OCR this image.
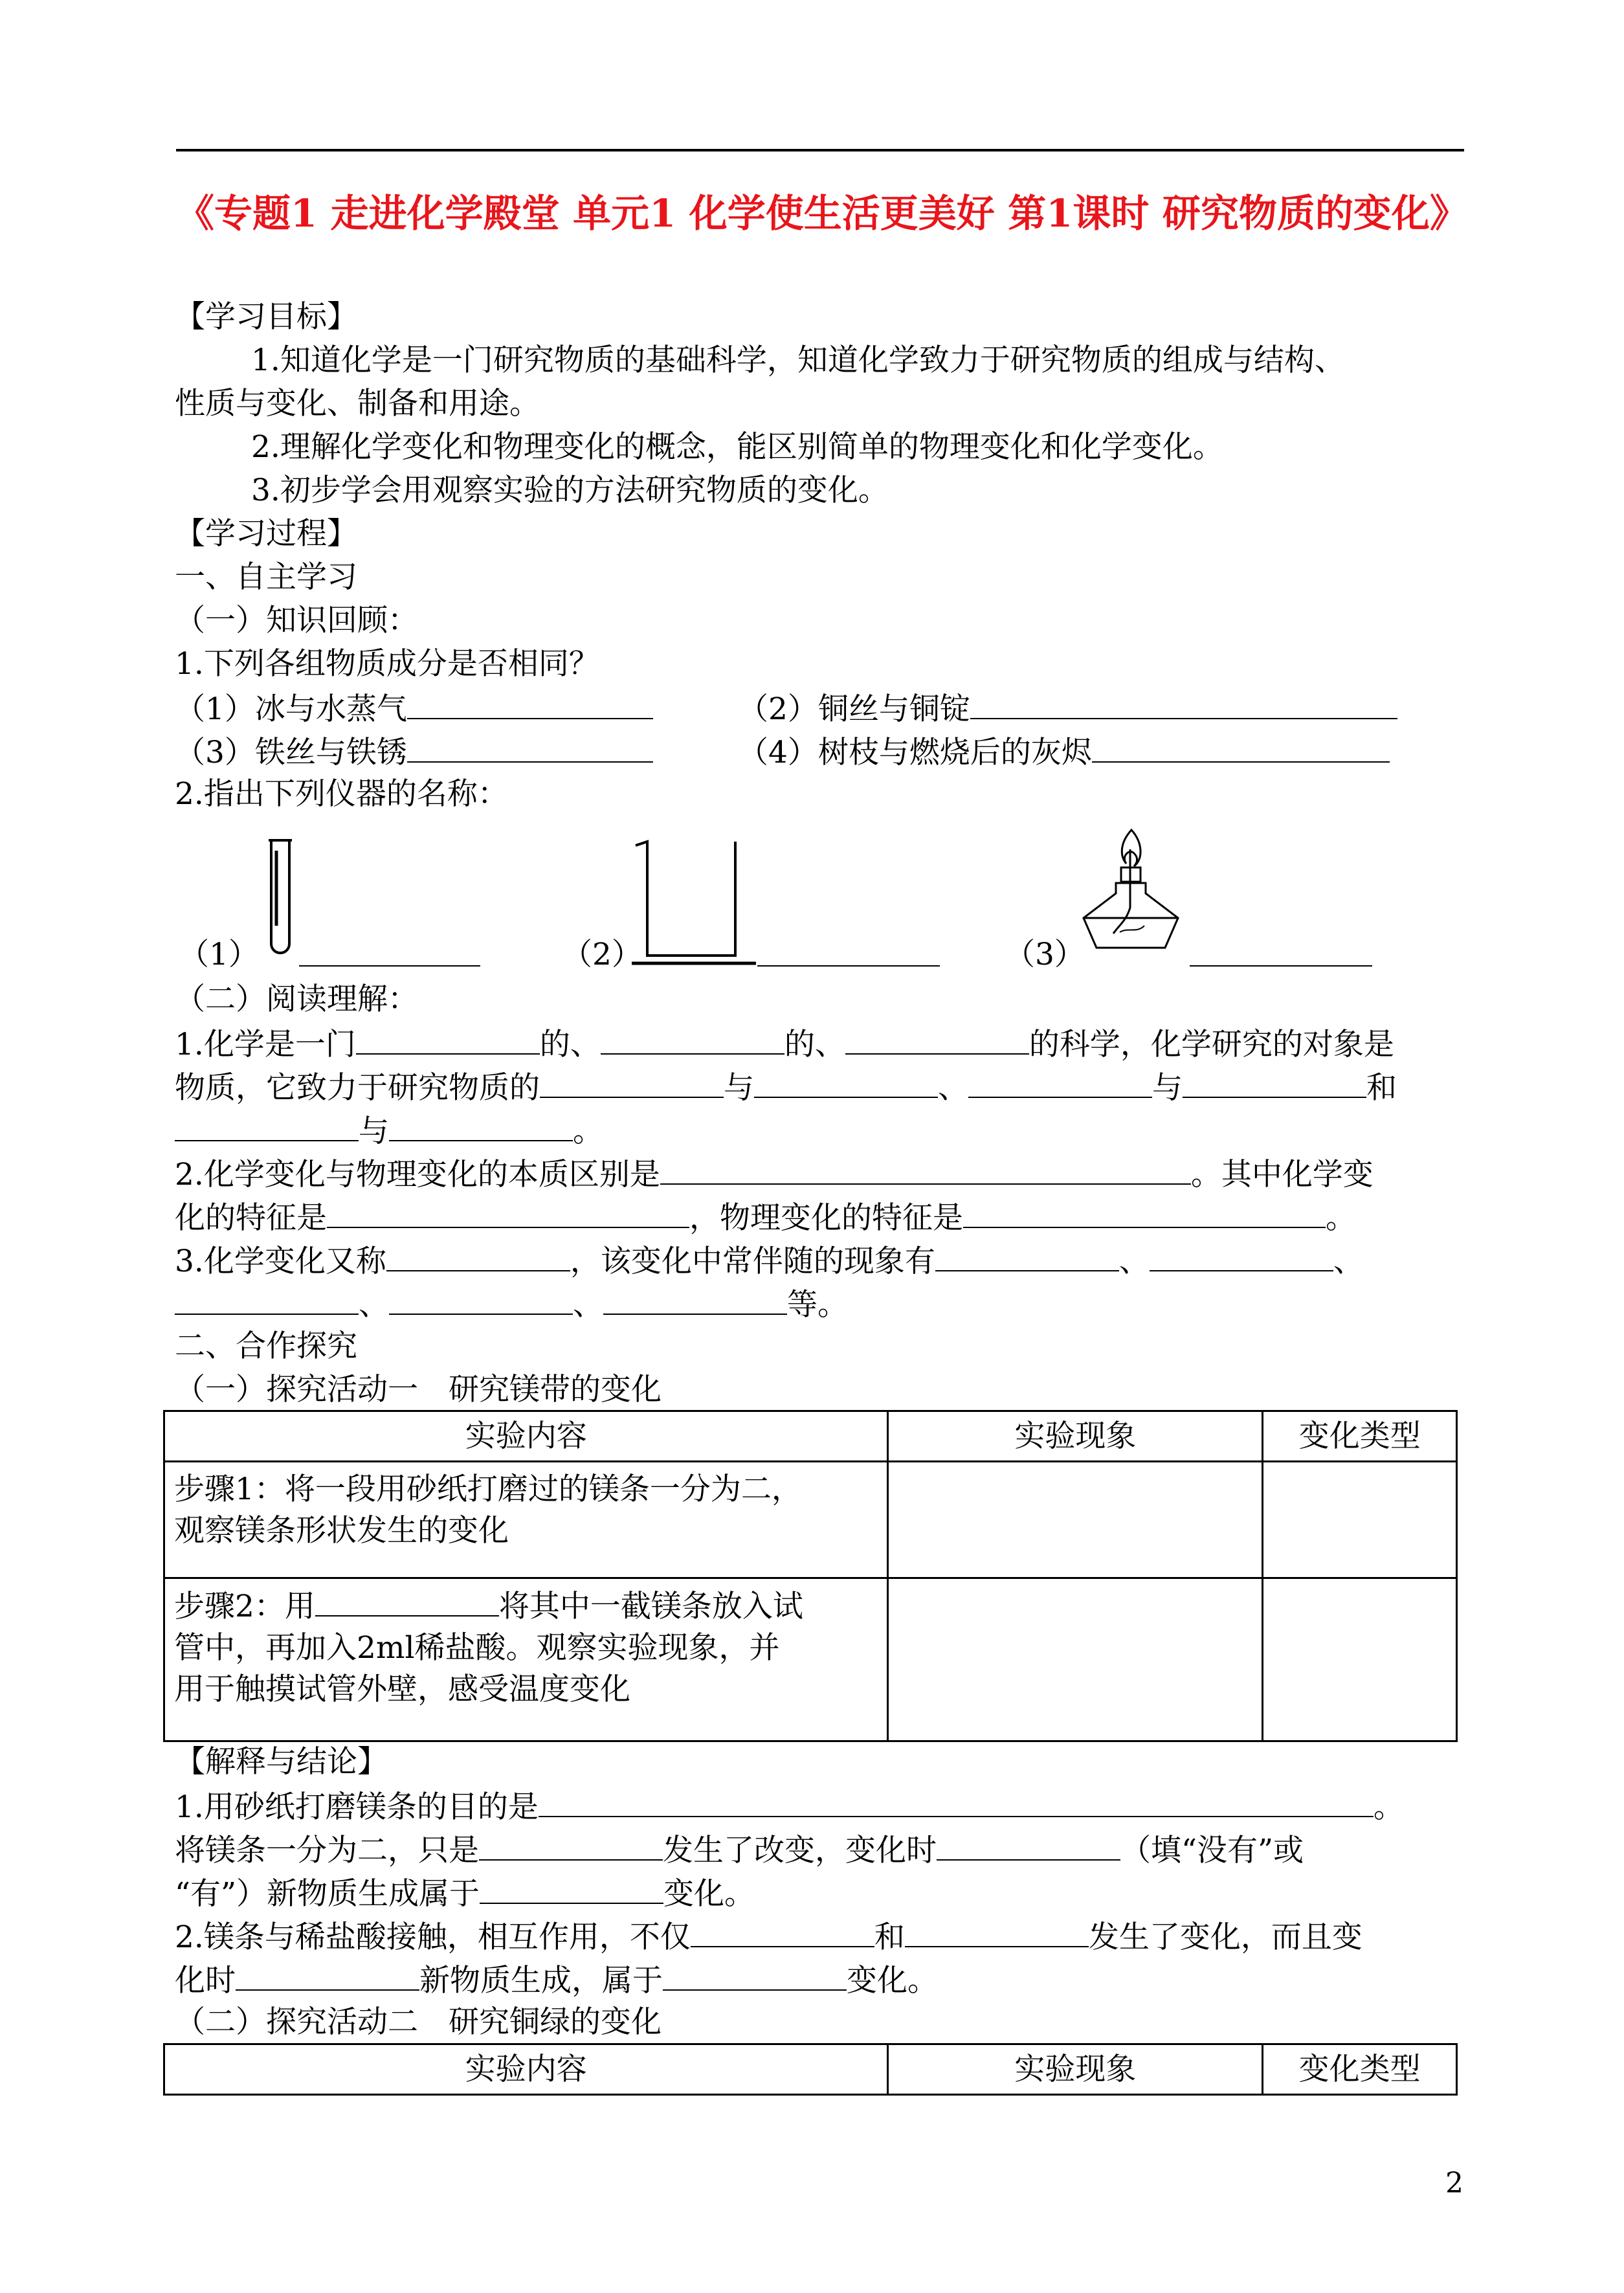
《专题1 走进化学殿堂 单元1 化学使生活更美好 第1课时 研究物质的变化》
【学习目标】
1.知道化学是一门研究物质的基础科学，知道化学致力于研究物质的组成与结构、
性质与变化、制备和用途。
2.理解化学变化和物理变化的概念，能区别简单的物理变化和化学变化。
3.初步学会用观察实验的方法研究物质的变化。
【学习过程】
一、自主学习
（一）知识回顾：
1.下列各组物质成分是否相同？
（1）冰与水蒸气	（2）铜丝与铜锭
（3）铁丝与铁锈	（4）树枝与燃烧后的灰烬
2.指出下列仪器的名称：
（1）	（2）	（3）
（二）阅读理解：
1.化学是一门	的、	的、	的科学，化学研究的对象是
物质，它致力于研究物质的	与	、	与	和
与	。
2.化学变化与物理变化的本质区别是	。其中化学变
化的特征是	，物理变化的特征是	。
3.化学变化又称	，该变化中常伴随的现象有	、	、
、	、	等。
二、合作探究
（一）探究活动一　研究镁带的变化
实验内容	实验现象	变化类型

步骤1：将一段用砂纸打磨过的镁条一分为二，
观察镁条形状发生的变化		

步骤2：用 将其中一截镁条放入试
管中，再加入2ml稀盐酸。观察实验现象，并
用于触摸试管外壁，感受温度变化		

【解释与结论】
1.用砂纸打磨镁条的目的是	。
将镁条一分为二，只是	发生了改变，变化时	（填“没有”或
“有”）新物质生成属于	变化。
2.镁条与稀盐酸接触，相互作用，不仅	和	发生了变化，而且变
化时	新物质生成，属于	变化。
（二）探究活动二　研究铜绿的变化
实验内容	实验现象	变化类型
2
